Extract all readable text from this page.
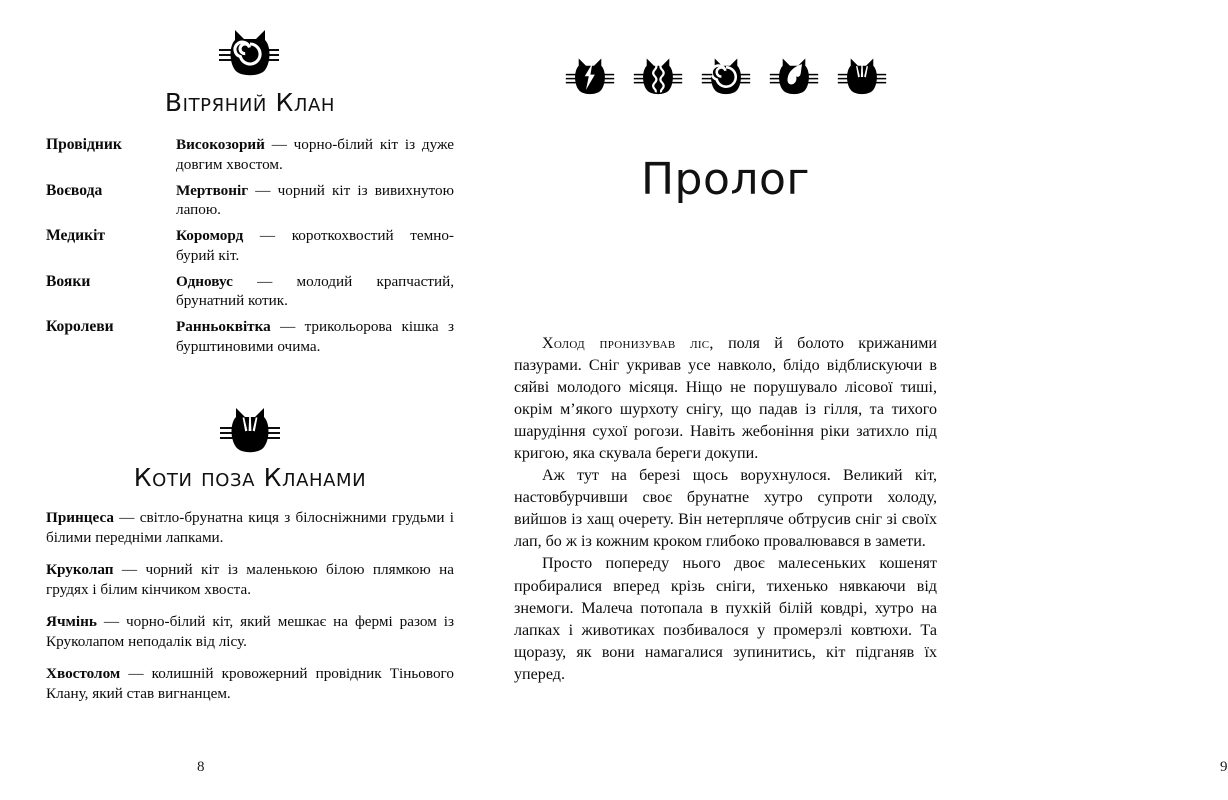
Вітряний Клан
Провідник	Високозорий — чорно-білий кіт із дуже довгим хвостом.
Воєвода	Мертвоніг — чорний кіт із вивихнутою лапою.
Медикіт	Короморд — короткохвостий темно-бурий кіт.
Вояки	Одновус — молодий крапчастий, брунатний котик.
Королеви	Ранньоквітка — трикольорова кішка з бурштиновими очима.
Коти поза Кланами

Принцеса — світло-брунатна киця з білосніжними грудьми і білими передніми лапками.

Круколап — чорний кіт із маленькою білою плямкою на грудях і білим кінчиком хвоста.

Ячмінь — чорно-білий кіт, який мешкає на фермі разом із Круколапом неподалік від лісу.

Хвостолом — колишній кровожерний провідник Тіньового Клану, який став вигнанцем.

8
Пролог

Холод пронизував ліс, поля й болото крижаними пазурами. Сніг укривав усе навколо, блідо відблискуючи в сяйві молодого місяця. Ніщо не порушувало лісової тиші, окрім м’якого шурхоту снігу, що падав із гілля, та тихого шарудіння сухої рогози. Навіть жебоніння ріки затихло під кригою, яка скувала береги докупи.

Аж тут на березі щось ворухнулося. Великий кіт, настовбурчивши своє брунатне хутро супроти холоду, вийшов із хащ очерету. Він нетерпляче обтрусив сніг зі своїх лап, бо ж із кожним кроком глибоко провалювався в замети.

Просто попереду нього двоє малесеньких кошенят пробиралися вперед крізь сніги, тихенько нявкаючи від знемоги. Малеча потопала в пухкій білій ковдрі, хутро на лапках і животиках позбивалося у промерзлі ковтюхи. Та щоразу, як вони намагалися зупинитись, кіт підганяв їх уперед.

9
